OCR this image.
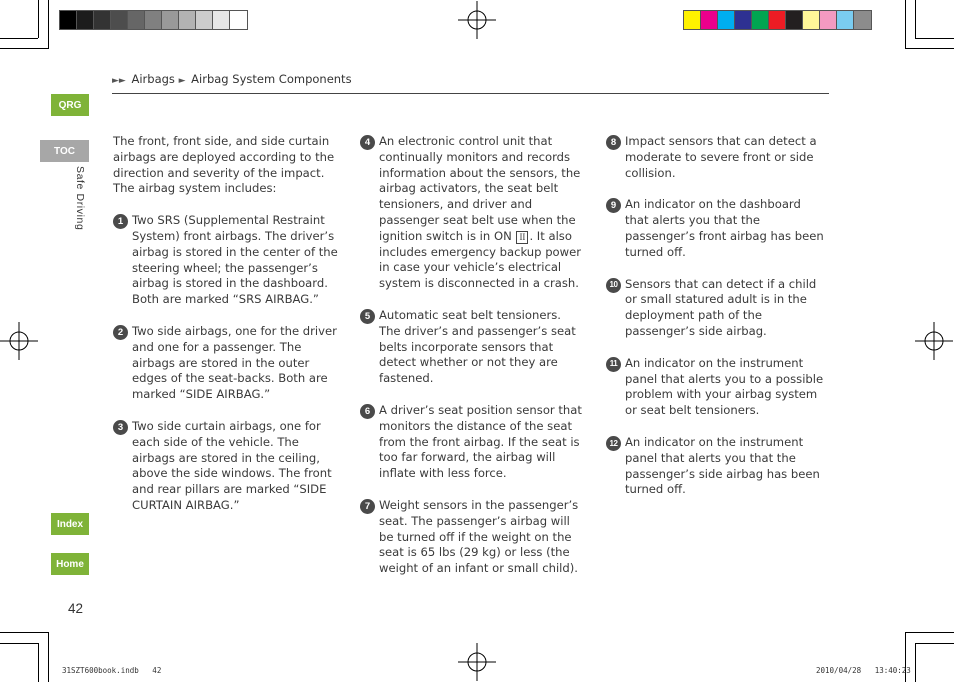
►► Airbags ► Airbag System Components
QRG
TOC
Safe Driving
Index
Home
42

The front, front side, and side curtain airbags are deployed according to the direction and severity of the impact. The airbag system includes:

1 Two SRS (Supplemental Restraint System) front airbags. The driver’s airbag is stored in the center of the steering wheel; the passenger’s airbag is stored in the dashboard. Both are marked “SRS AIRBAG.”
2 Two side airbags, one for the driver and one for a passenger. The airbags are stored in the outer edges of the seat-backs. Both are marked “SIDE AIRBAG.”
3 Two side curtain airbags, one for each side of the vehicle. The airbags are stored in the ceiling, above the side windows. The front and rear pillars are marked “SIDE CURTAIN AIRBAG.”
4 An electronic control unit that continually monitors and records information about the sensors, the airbag activators, the seat belt tensioners, and driver and passenger seat belt use when the ignition switch is in ON II . It also includes emergency backup power in case your vehicle’s electrical system is disconnected in a crash.
5 Automatic seat belt tensioners. The driver’s and passenger’s seat belts incorporate sensors that detect whether or not they are fastened.
6 A driver’s seat position sensor that monitors the distance of the seat from the front airbag. If the seat is too far forward, the airbag will inflate with less force.
7 Weight sensors in the passenger’s seat. The passenger’s airbag will be turned off if the weight on the seat is 65 lbs (29 kg) or less (the weight of an infant or small child).
8 Impact sensors that can detect a moderate to severe front or side collision.
9 An indicator on the dashboard that alerts you that the passenger’s front airbag has been turned off.
10 Sensors that can detect if a child or small statured adult is in the deployment path of the passenger’s side airbag.
11 An indicator on the instrument panel that alerts you to a possible problem with your airbag system or seat belt tensioners.
12 An indicator on the instrument panel that alerts you that the passenger’s side airbag has been turned off.
31SZT600book.indb   42	2010/04/28   13:40:23
